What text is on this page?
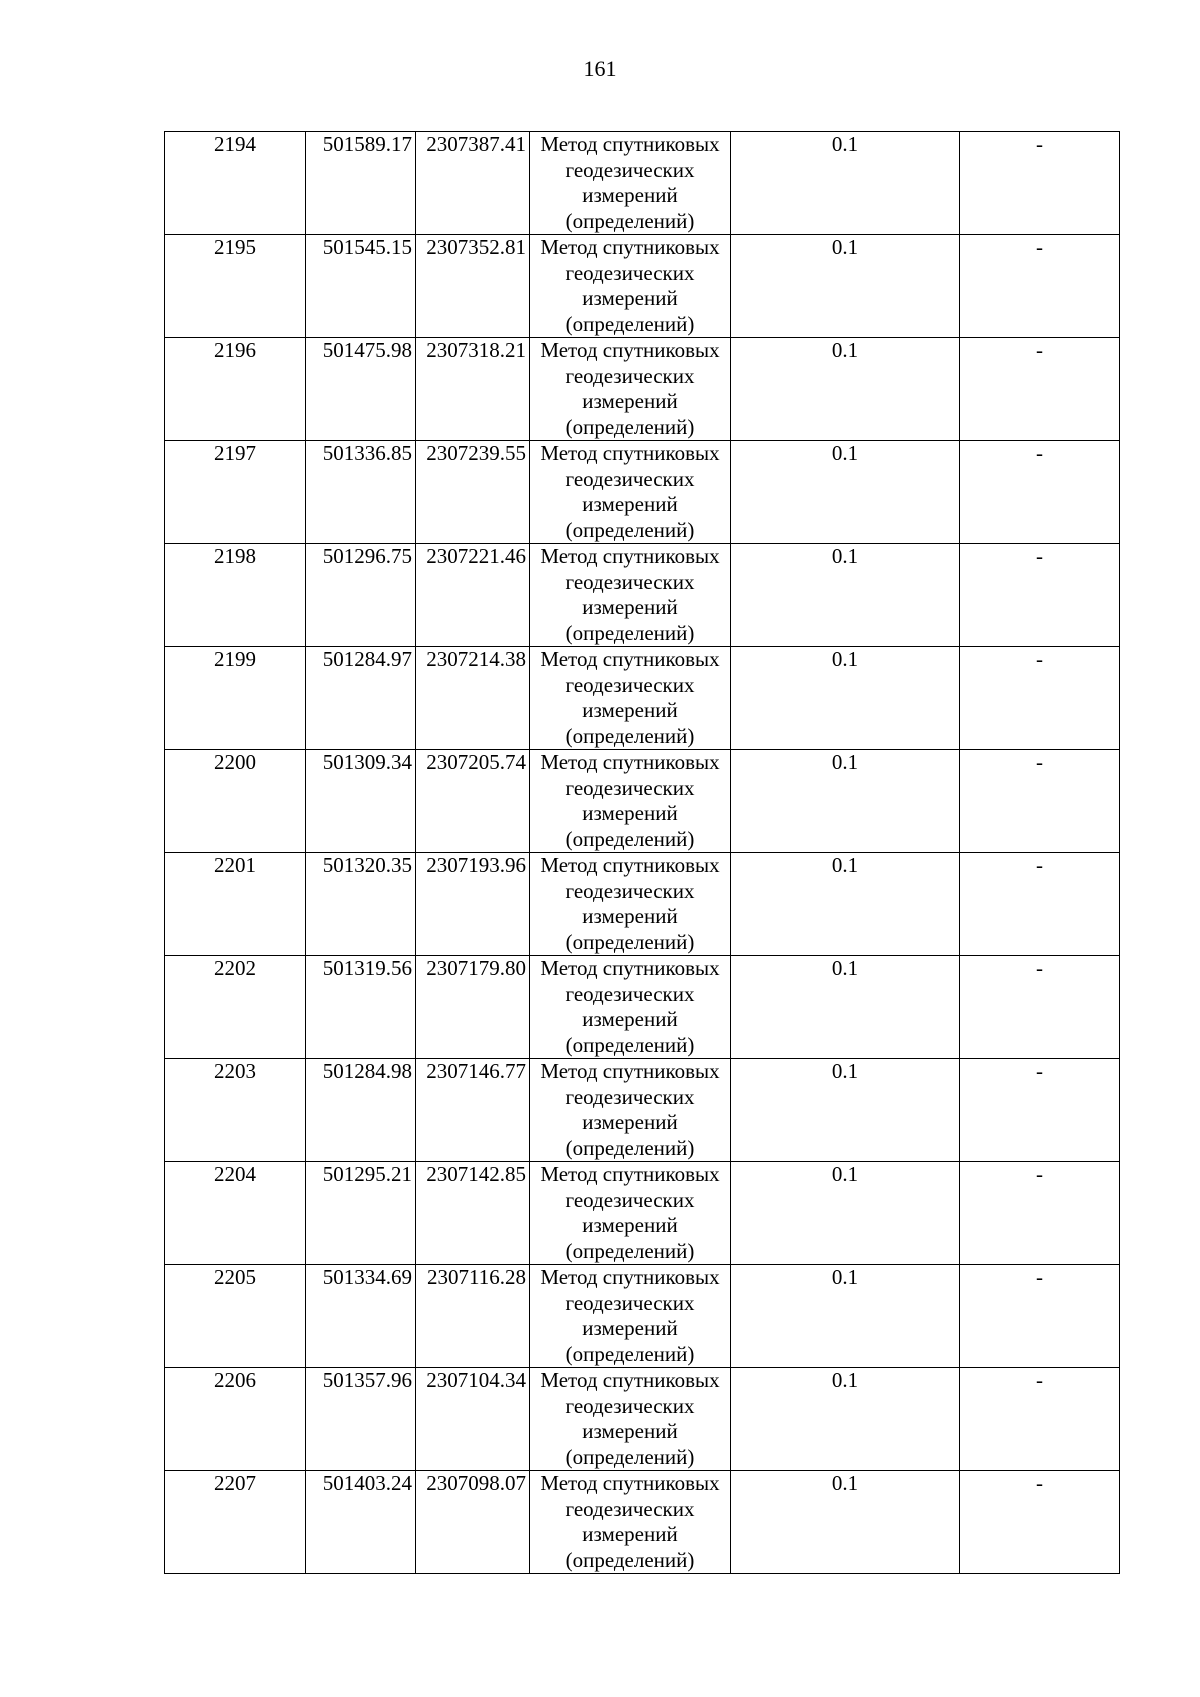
161
2194	501589.17	2307387.41	Метод спутниковых геодезических измерений (определений)	0.1	-
2195	501545.15	2307352.81	Метод спутниковых геодезических измерений (определений)	0.1	-
2196	501475.98	2307318.21	Метод спутниковых геодезических измерений (определений)	0.1	-
2197	501336.85	2307239.55	Метод спутниковых геодезических измерений (определений)	0.1	-
2198	501296.75	2307221.46	Метод спутниковых геодезических измерений (определений)	0.1	-
2199	501284.97	2307214.38	Метод спутниковых геодезических измерений (определений)	0.1	-
2200	501309.34	2307205.74	Метод спутниковых геодезических измерений (определений)	0.1	-
2201	501320.35	2307193.96	Метод спутниковых геодезических измерений (определений)	0.1	-
2202	501319.56	2307179.80	Метод спутниковых геодезических измерений (определений)	0.1	-
2203	501284.98	2307146.77	Метод спутниковых геодезических измерений (определений)	0.1	-
2204	501295.21	2307142.85	Метод спутниковых геодезических измерений (определений)	0.1	-
2205	501334.69	2307116.28	Метод спутниковых геодезических измерений (определений)	0.1	-
2206	501357.96	2307104.34	Метод спутниковых геодезических измерений (определений)	0.1	-
2207	501403.24	2307098.07	Метод спутниковых геодезических измерений (определений)	0.1	-
